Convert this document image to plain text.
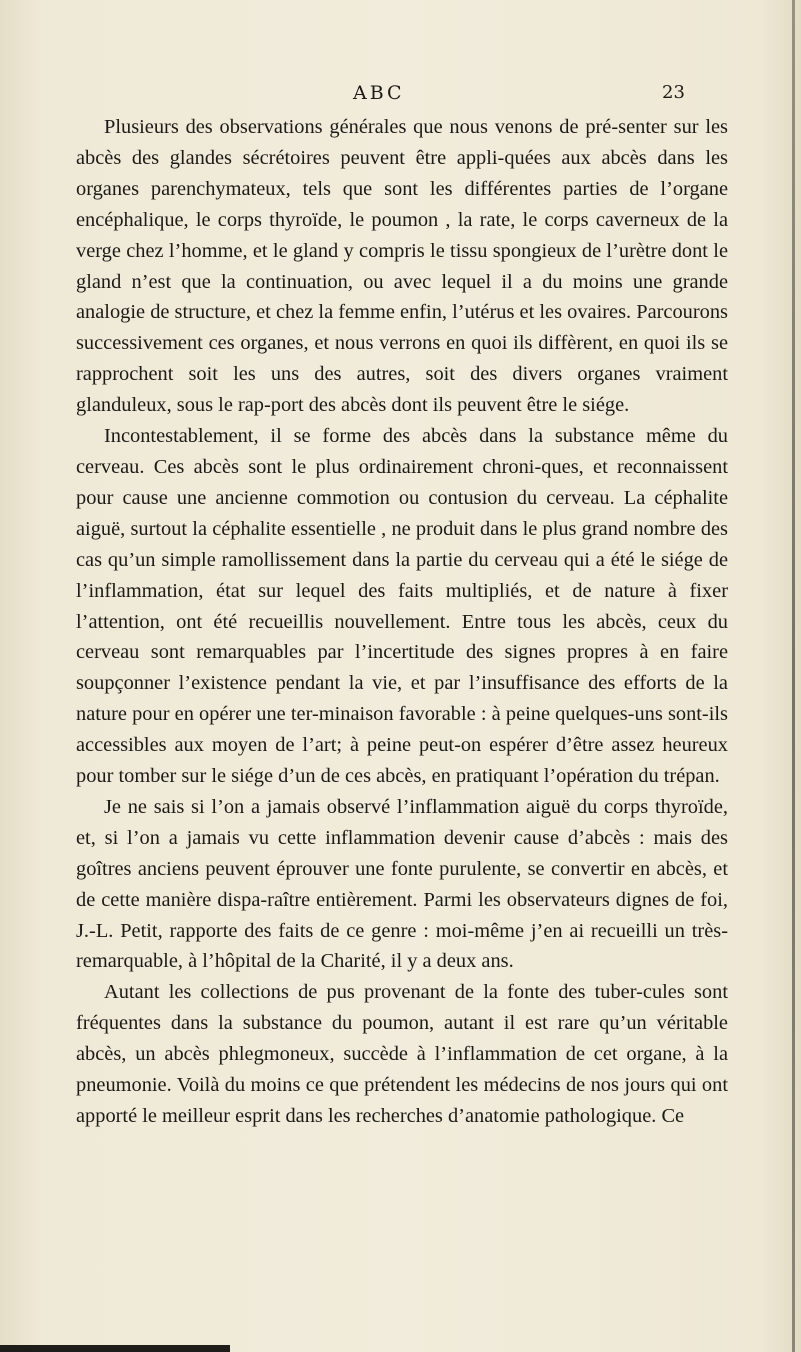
ABC	23

Plusieurs des observations générales que nous venons de pré-senter sur les abcès des glandes sécrétoires peuvent être appli-quées aux abcès dans les organes parenchymateux, tels que sont les différentes parties de l’organe encéphalique, le corps thyroïde, le poumon , la rate, le corps caverneux de la verge chez l’homme, et le gland y compris le tissu spongieux de l’urètre dont le gland n’est que la continuation, ou avec lequel il a du moins une grande analogie de structure, et chez la femme enfin, l’utérus et les ovaires. Parcourons successivement ces organes, et nous verrons en quoi ils diffèrent, en quoi ils se rapprochent soit les uns des autres, soit des divers organes vraiment glanduleux, sous le rap-port des abcès dont ils peuvent être le siége.

Incontestablement, il se forme des abcès dans la substance même du cerveau. Ces abcès sont le plus ordinairement chroni-ques, et reconnaissent pour cause une ancienne commotion ou contusion du cerveau. La céphalite aiguë, surtout la céphalite essentielle , ne produit dans le plus grand nombre des cas qu’un simple ramollissement dans la partie du cerveau qui a été le siége de l’inflammation, état sur lequel des faits multipliés, et de nature à fixer l’attention, ont été recueillis nouvellement. Entre tous les abcès, ceux du cerveau sont remarquables par l’incertitude des signes propres à en faire soupçonner l’existence pendant la vie, et par l’insuffisance des efforts de la nature pour en opérer une ter-minaison favorable : à peine quelques-uns sont-ils accessibles aux moyen de l’art; à peine peut-on espérer d’être assez heureux pour tomber sur le siége d’un de ces abcès, en pratiquant l’opération du trépan.

Je ne sais si l’on a jamais observé l’inflammation aiguë du corps thyroïde, et, si l’on a jamais vu cette inflammation devenir cause d’abcès : mais des goîtres anciens peuvent éprouver une fonte purulente, se convertir en abcès, et de cette manière dispa-raître entièrement. Parmi les observateurs dignes de foi, J.-L. Petit, rapporte des faits de ce genre : moi-même j’en ai recueilli un très-remarquable, à l’hôpital de la Charité, il y a deux ans.

Autant les collections de pus provenant de la fonte des tuber-cules sont fréquentes dans la substance du poumon, autant il est rare qu’un véritable abcès, un abcès phlegmoneux, succède à l’inflammation de cet organe, à la pneumonie. Voilà du moins ce que prétendent les médecins de nos jours qui ont apporté le meilleur esprit dans les recherches d’anatomie pathologique. Ce
